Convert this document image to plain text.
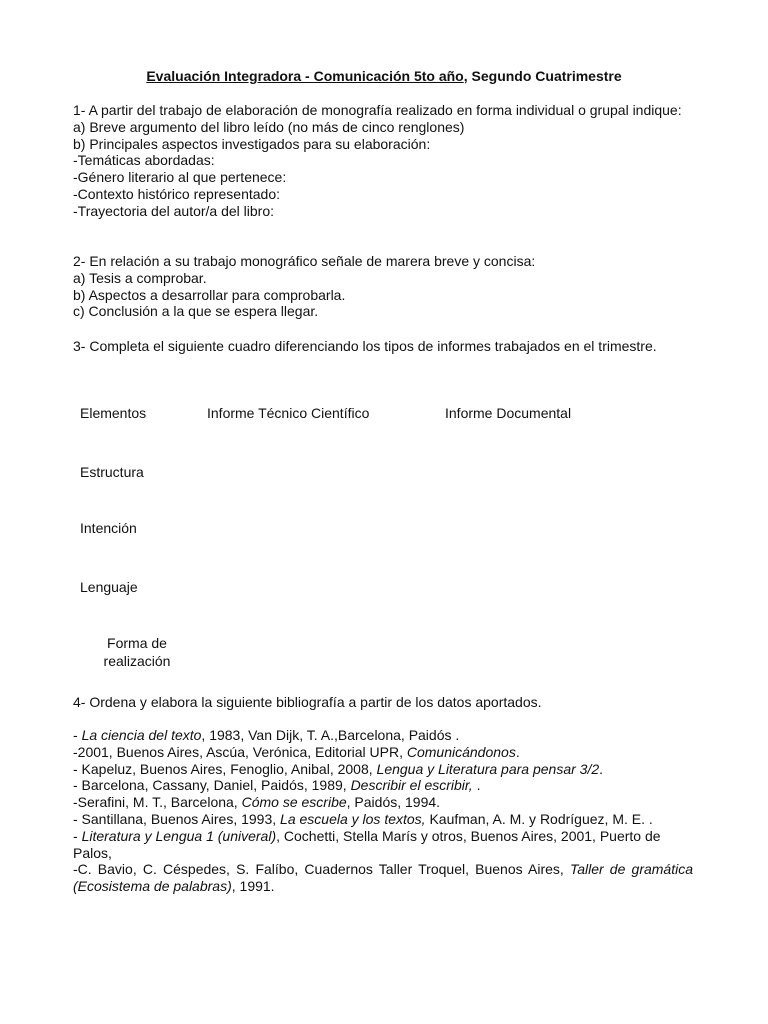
Evaluación Integradora - Comunicación 5to año, Segundo Cuatrimestre

1- A partir del trabajo de elaboración de monografía realizado en forma individual o grupal indique:

a) Breve argumento del libro leído (no más de cinco renglones)

b) Principales aspectos investigados para su elaboración:

-Temáticas abordadas:

-Género literario al que pertenece:

-Contexto histórico representado:

-Trayectoria del autor/a del libro:

2- En relación a su trabajo monográfico señale de marera breve y concisa:

a) Tesis a comprobar.

b) Aspectos a desarrollar para comprobarla.

c) Conclusión a la que se espera llegar.

3- Completa el siguiente cuadro diferenciando los tipos de informes trabajados en el trimestre.

Elementos	Informe Técnico Científico	Informe Documental
Estructura
Intención
Lenguaje
Forma de
realización

4- Ordena y elabora la siguiente bibliografía a partir de los datos aportados.

- La ciencia del texto, 1983, Van Dijk, T. A.,Barcelona, Paidós .

-2001, Buenos Aires, Ascúa, Verónica, Editorial UPR, Comunicándonos.

- Kapeluz, Buenos Aires, Fenoglio, Anibal, 2008, Lengua y Literatura para pensar 3/2.

- Barcelona, Cassany, Daniel, Paidós, 1989, Describir el escribir, .

-Serafini, M. T., Barcelona, Cómo se escribe, Paidós, 1994.

- Santillana, Buenos Aires, 1993, La escuela y los textos, Kaufman, A. M. y Rodríguez, M. E. .

- Literatura y Lengua 1 (univeral), Cochetti, Stella Marís y otros, Buenos Aires, 2001, Puerto de Palos,

-C. Bavio, C. Céspedes, S. Falíbo, Cuadernos Taller Troquel, Buenos Aires, Taller de gramática (Ecosistema de palabras), 1991.
